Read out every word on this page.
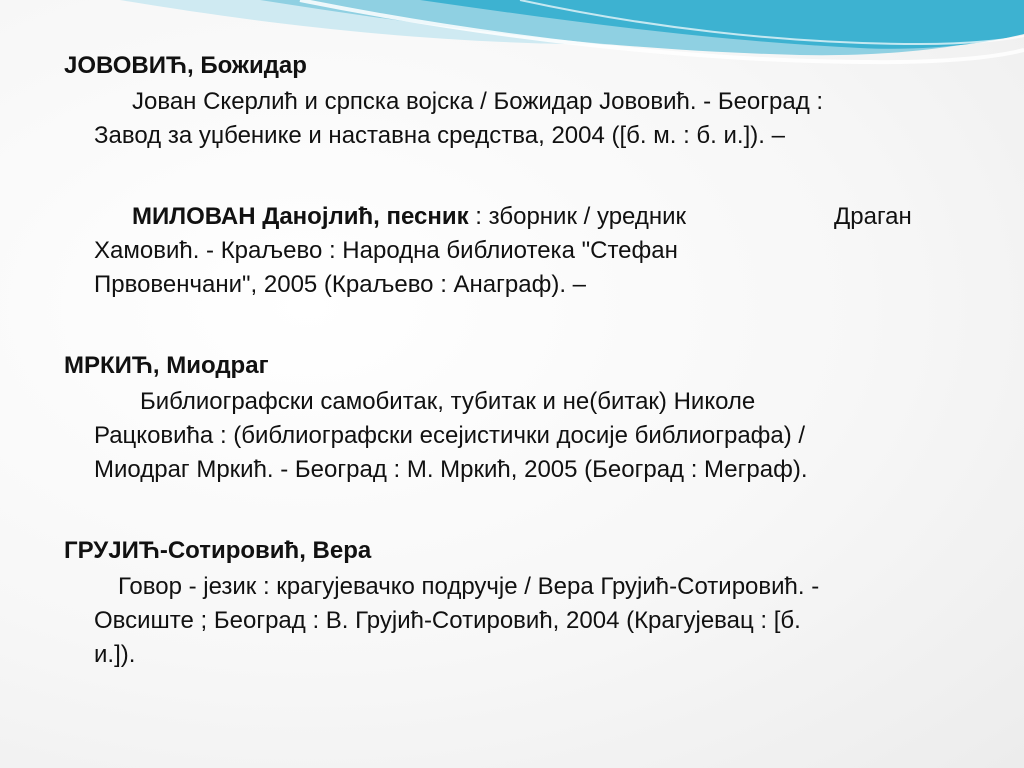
ЈОВОВИЋ, Божидар
Јован Скерлић и српска војска / Божидар Јововић. - Београд :
Завод за уџбенике и наставна средства, 2004 ([б. м. : б. и.]). –
МИЛОВАН Данојлић, песник : зборник / уредник	Драган
Хамовић. - Краљево : Народна библиотека "Стефан
Првовенчани", 2005 (Краљево : Анаграф). –
МРКИЋ, Миодраг
Библиографски самобитак, тубитак и не(битак) Николе
Рацковића : (библиографски есејистички досије библиографа) /
Миодраг Мркић. - Београд : М. Мркић, 2005 (Београд : Меграф).
ГРУЈИЋ-Сотировић, Вера
Говор - језик : крагујевачко подручје / Вера Грујић-Сотировић. -
Овсиште ; Београд : В. Грујић-Сотировић, 2004 (Крагујевац : [б.
и.]).
